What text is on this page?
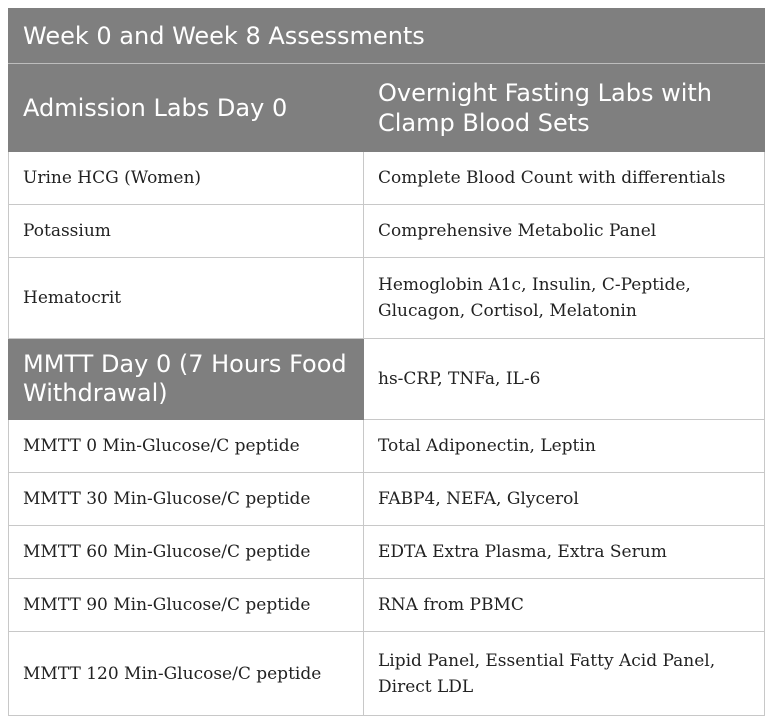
Week 0 and Week 8 Assessments	
Admission Labs Day 0	Overnight Fasting Labs with Clamp Blood Sets
Urine HCG (Women)	Complete Blood Count with differentials
Potassium	Comprehensive Metabolic Panel
Hematocrit	Hemoglobin A1c, Insulin, C-Peptide, Glucagon, Cortisol, Melatonin
MMTT Day 0 (7 Hours Food Withdrawal)	hs-CRP, TNFa, IL-6
MMTT 0 Min-Glucose/C peptide	Total Adiponectin, Leptin
MMTT 30 Min-Glucose/C peptide	FABP4, NEFA, Glycerol
MMTT 60 Min-Glucose/C peptide	EDTA Extra Plasma, Extra Serum
MMTT 90 Min-Glucose/C peptide	RNA from PBMC
MMTT 120 Min-Glucose/C peptide	Lipid Panel, Essential Fatty Acid Panel, Direct LDL
